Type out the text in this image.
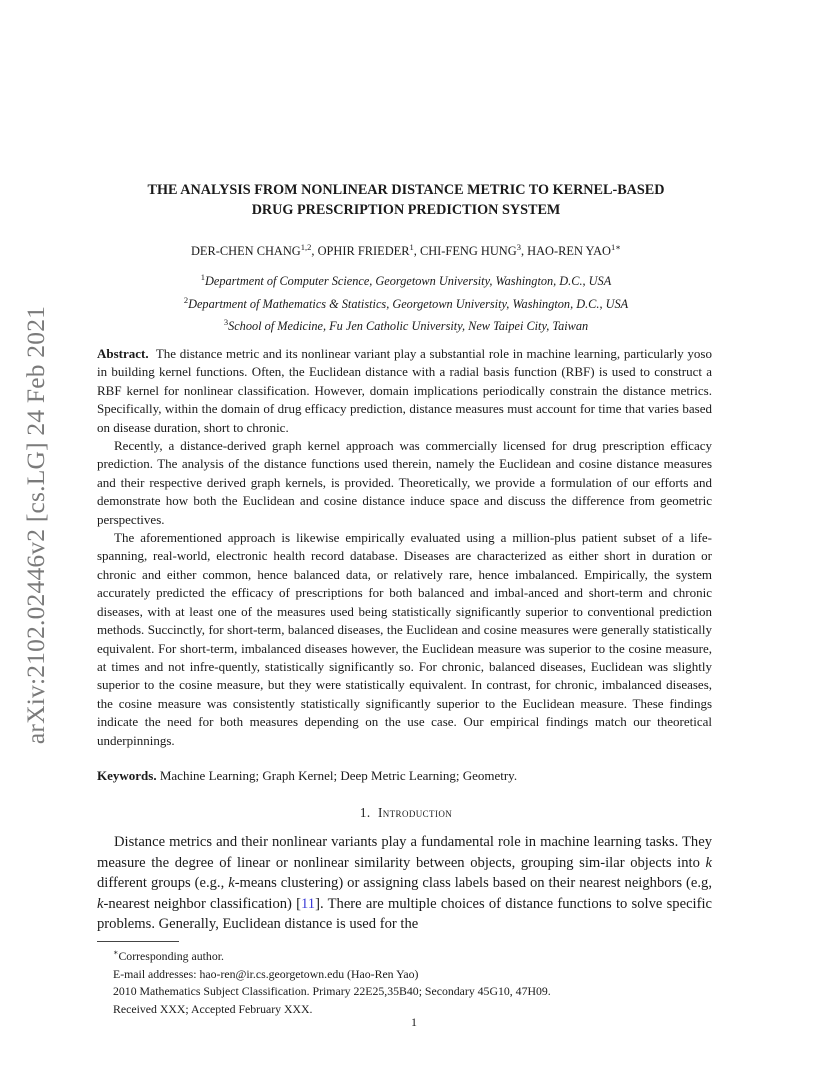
arXiv:2102.02446v2 [cs.LG] 24 Feb 2021
THE ANALYSIS FROM NONLINEAR DISTANCE METRIC TO KERNEL-BASED
DRUG PRESCRIPTION PREDICTION SYSTEM
DER-CHEN CHANG$^{1,2}$, OPHIR FRIEDER$^1$, CHI-FENG HUNG$^3$, HAO-REN $YAO^{1∗}$
$^1$Department of Computer Science, Georgetown University, Washington, D.C., USA
$^2$Department of Mathematics & Statistics, Georgetown University, Washington, D.C., USA
$^3$School of Medicine, Fu Jen Catholic University, New Taipei City, Taiwan

Abstract. The distance metric and its nonlinear variant play a substantial role in machine learning, particularly yoso in building kernel functions. Often, the Euclidean distance with a radial basis function (RBF) is used to construct a RBF kernel for nonlinear classification. However, domain implications periodically constrain the distance metrics. Specifically, within the domain of drug efficacy prediction, distance measures must account for time that varies based on disease duration, short to chronic.

Recently, a distance-derived graph kernel approach was commercially licensed for drug prescription efficacy prediction. The analysis of the distance functions used therein, namely the Euclidean and cosine distance measures and their respective derived graph kernels, is provided. Theoretically, we provide a formulation of our efforts and demonstrate how both the Euclidean and cosine distance induce space and discuss the difference from geometric perspectives.

The aforementioned approach is likewise empirically evaluated using a million-plus patient subset of a life-spanning, real-world, electronic health record database. Diseases are characterized as either short in duration or chronic and either common, hence balanced data, or relatively rare, hence imbalanced. Empirically, the system accurately predicted the efficacy of prescriptions for both balanced and imbal-anced and short-term and chronic diseases, with at least one of the measures used being statistically significantly superior to conventional prediction methods. Succinctly, for short-term, balanced diseases, the Euclidean and cosine measures were generally statistically equivalent. For short-term, imbalanced diseases however, the Euclidean measure was superior to the cosine measure, at times and not infre-quently, statistically significantly so. For chronic, balanced diseases, Euclidean was slightly superior to the cosine measure, but they were statistically equivalent. In contrast, for chronic, imbalanced diseases, the cosine measure was consistently statistically significantly superior to the Euclidean measure. These findings indicate the need for both measures depending on the use case. Our empirical findings match our theoretical underpinnings.

Keywords. Machine Learning; Graph Kernel; Deep Metric Learning; Geometry.
1. Introduction

Distance metrics and their nonlinear variants play a fundamental role in machine learning tasks. They measure the degree of linear or nonlinear similarity between objects, grouping sim-ilar objects into k different groups (e.g., k-means clustering) or assigning class labels based on their nearest neighbors (e.g, k-nearest neighbor classification) [11]. There are multiple choices of distance functions to solve specific problems. Generally, Euclidean distance is used for the

∗Corresponding author.
E-mail addresses: hao-ren@ir.cs.georgetown.edu (Hao-Ren Yao)
2010 Mathematics Subject Classification. Primary 22E25,35B40; Secondary 45G10, 47H09.
Received XXX; Accepted February XXX.
1
